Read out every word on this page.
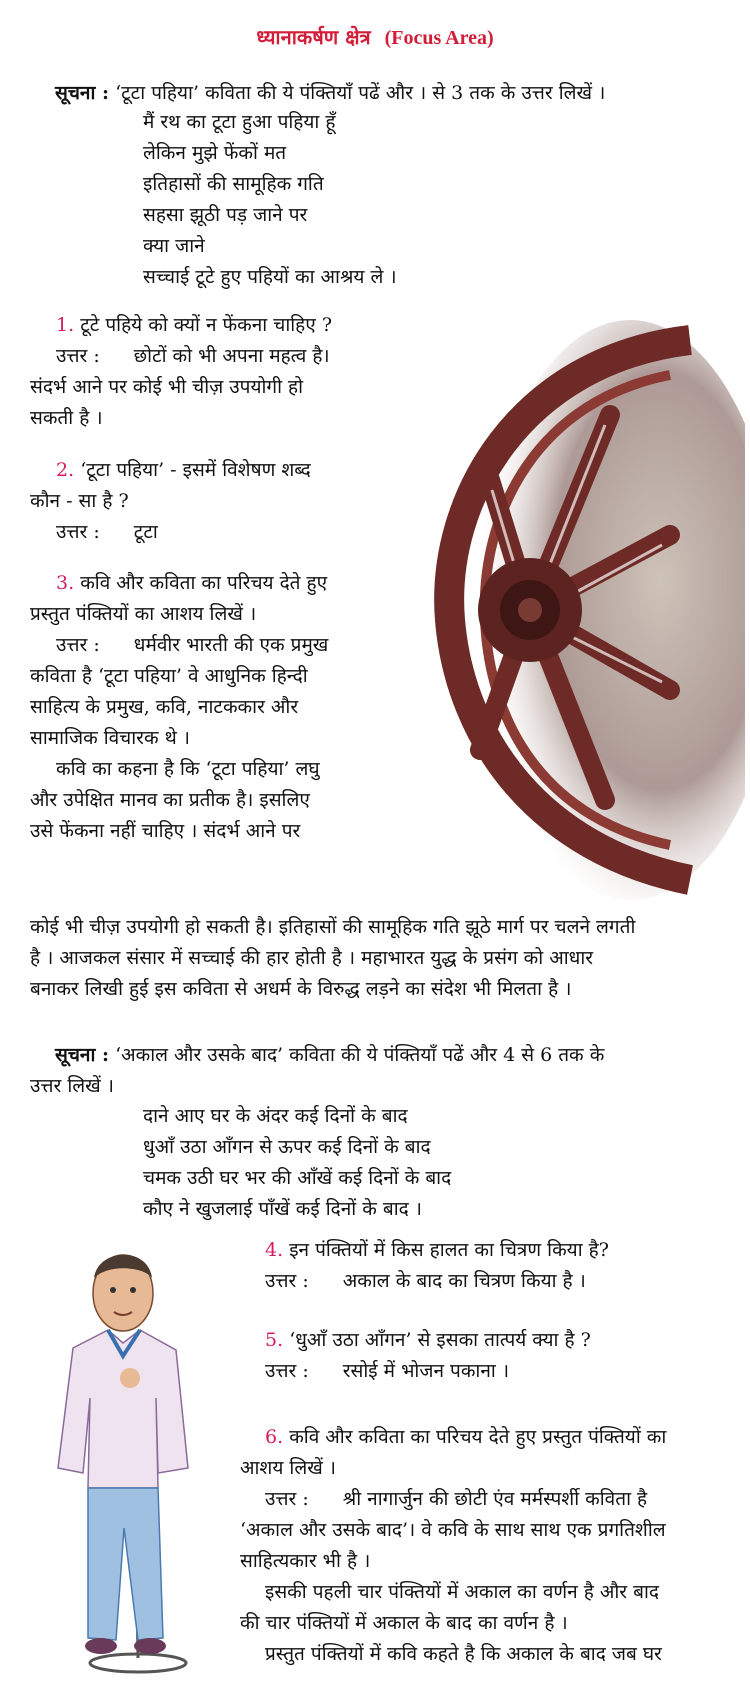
ध्यानाकर्षण क्षेत्र (Focus Area)
सूचना : ‘टूटा पहिया’ कविता की ये पंक्तियाँ पढें और । से 3 तक के उत्तर लिखें ।
मैं रथ का टूटा हुआ पहिया हूँ
लेकिन मुझे फेंकों मत
इतिहासों की सामूहिक गति
सहसा झूठी पड़ जाने पर
क्या जाने
सच्चाई टूटे हुए पहियों का आश्रय ले ।
1. टूटे पहिये को क्यों न फेंकना चाहिए ?
उत्तर : छोटों को भी अपना महत्व है।
संदर्भ आने पर कोई भी चीज़ उपयोगी हो
सकती है ।
2. ‘टूटा पहिया’ - इसमें विशेषण शब्द
कौन - सा है ?
उत्तर : टूटा
3. कवि और कविता का परिचय देते हुए
प्रस्तुत पंक्तियों का आशय लिखें ।
उत्तर : धर्मवीर भारती की एक प्रमुख
कविता है ‘टूटा पहिया’ वे आधुनिक हिन्दी
साहित्य के प्रमुख, कवि, नाटककार और
सामाजिक विचारक थे ।
कवि का कहना है कि ‘टूटा पहिया’ लघु
और उपेक्षित मानव का प्रतीक है। इसलिए
उसे फेंकना नहीं चाहिए । संदर्भ आने पर
कोई भी चीज़ उपयोगी हो सकती है। इतिहासों की सामूहिक गति झूठे मार्ग पर चलने लगती
है । आजकल संसार में सच्चाई की हार होती है । महाभारत युद्ध के प्रसंग को आधार
बनाकर लिखी हुई इस कविता से अधर्म के विरुद्ध लड़ने का संदेश भी मिलता है ।
सूचना : ‘अकाल और उसके बाद’ कविता की ये पंक्तियाँ पढें और 4 से 6 तक के
उत्तर लिखें ।
दाने आए घर के अंदर कई दिनों के बाद
धुआँ उठा आँगन से ऊपर कई दिनों के बाद
चमक उठी घर भर की आँखें कई दिनों के बाद
कौए ने खुजलाई पाँखें कई दिनों के बाद ।
4. इन पंक्तियों में किस हालत का चित्रण किया है?
उत्तर : अकाल के बाद का चित्रण किया है ।
5. ‘धुआँ उठा आँगन’ से इसका तात्पर्य क्या है ?
उत्तर : रसोई में भोजन पकाना ।
6. कवि और कविता का परिचय देते हुए प्रस्तुत पंक्तियों का
आशय लिखें ।
उत्तर : श्री नागार्जुन की छोटी एंव मर्मस्पर्शी कविता है
‘अकाल और उसके बाद’। वे कवि के साथ साथ एक प्रगतिशील
साहित्यकार भी है ।
इसकी पहली चार पंक्तियों में अकाल का वर्णन है और बाद
की चार पंक्तियों में अकाल के बाद का वर्णन है ।
प्रस्तुत पंक्तियों में कवि कहते है कि अकाल के बाद जब घर
